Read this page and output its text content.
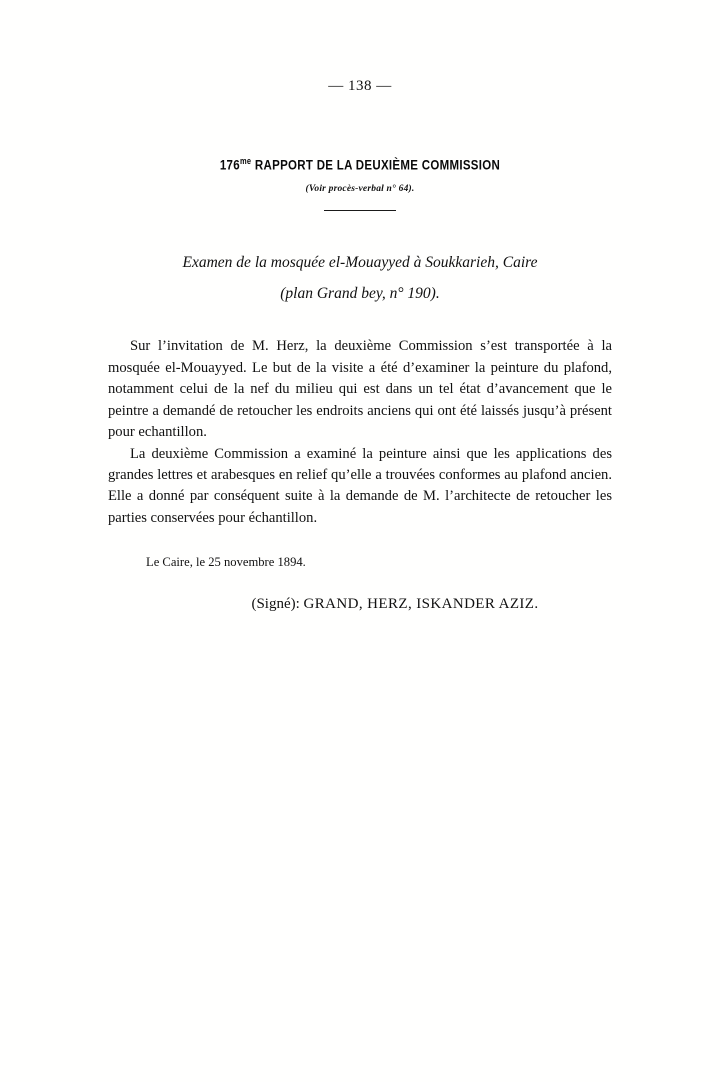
— 138 —
$176^{me}$ RAPPORT DE LA DEUXIÈME COMMISSION
(Voir procès-verbal n° 64).
Examen de la mosquée el-Mouayyed à Soukkarieh, Caire
(plan Grand bey, n° 190).

Sur l’invitation de M. Herz, la deuxième Commission s’est transportée à la mosquée el-Mouayyed. Le but de la visite a été d’examiner la peinture du plafond, notamment celui de la nef du milieu qui est dans un tel état d’avancement que le peintre a demandé de retoucher les endroits anciens qui ont été laissés jusqu’à présent pour echantillon.

La deuxième Commission a examiné la peinture ainsi que les applications des grandes lettres et arabesques en relief qu’elle a trouvées conformes au plafond ancien. Elle a donné par conséquent suite à la demande de M. l’architecte de retoucher les parties conservées pour échantillon.

Le Caire, le 25 novembre 1894.
(Signé): GRAND, HERZ, ISKANDER AZIZ.
